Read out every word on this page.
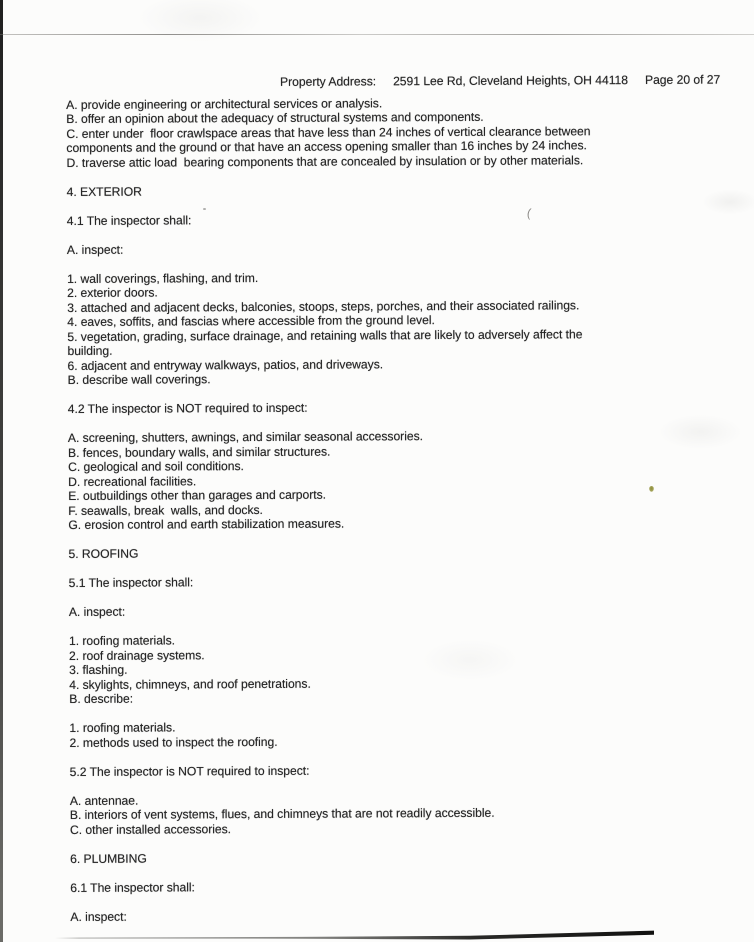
Property Address: 2591 Lee Rd, Cleveland Heights, OH 44118 Page 20 of 27
A. provide engineering or architectural services or analysis.
B. offer an opinion about the adequacy of structural systems and components.
C. enter under  floor crawlspace areas that have less than 24 inches of vertical clearance between
components and the ground or that have an access opening smaller than 16 inches by 24 inches.
D. traverse attic load  bearing components that are concealed by insulation or by other materials.
4. EXTERIOR
4.1 The inspector shall:
A. inspect:
1. wall coverings, flashing, and trim.
2. exterior doors.
3. attached and adjacent decks, balconies, stoops, steps, porches, and their associated railings.
4. eaves, soffits, and fascias where accessible from the ground level.
5. vegetation, grading, surface drainage, and retaining walls that are likely to adversely affect the
building.
6. adjacent and entryway walkways, patios, and driveways.
B. describe wall coverings.
4.2 The inspector is NOT required to inspect:
A. screening, shutters, awnings, and similar seasonal accessories.
B. fences, boundary walls, and similar structures.
C. geological and soil conditions.
D. recreational facilities.
E. outbuildings other than garages and carports.
F. seawalls, break  walls, and docks.
G. erosion control and earth stabilization measures.
5. ROOFING
5.1 The inspector shall:
A. inspect:
1. roofing materials.
2. roof drainage systems.
3. flashing.
4. skylights, chimneys, and roof penetrations.
B. describe:
1. roofing materials.
2. methods used to inspect the roofing.
5.2 The inspector is NOT required to inspect:
A. antennae.
B. interiors of vent systems, flues, and chimneys that are not readily accessible.
C. other installed accessories.
6. PLUMBING
6.1 The inspector shall:
A. inspect:
(
